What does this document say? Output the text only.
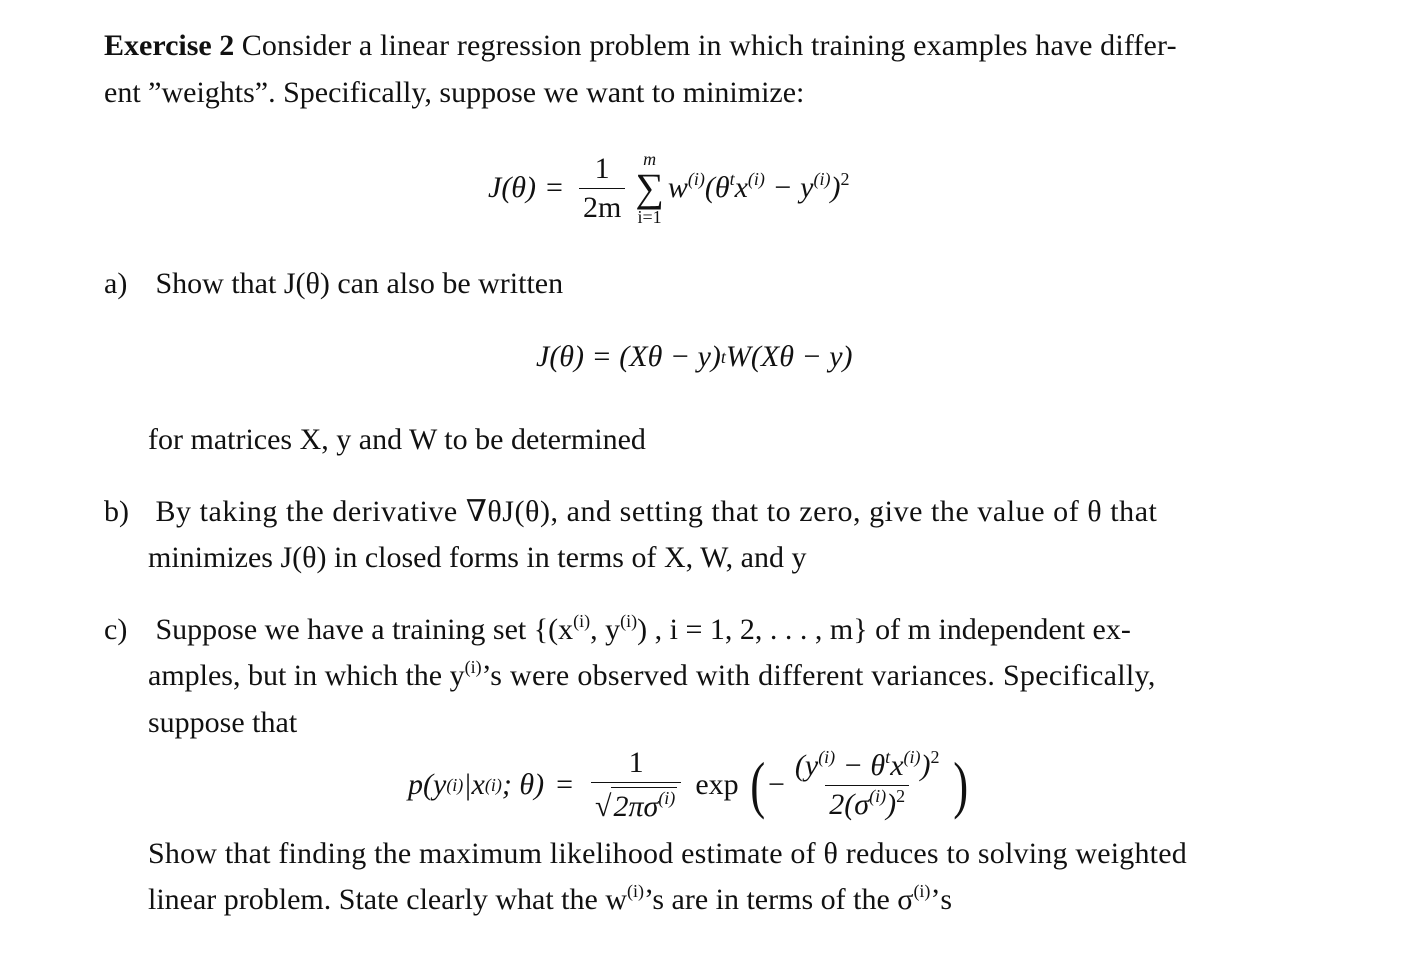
Exercise 2 Consider a linear regression problem in which training examples have differ-
ent ”weights”. Specifically, suppose we want to minimize:
$J(\theta) = \frac{1}{2m}$ m
∑
i=1
$w^{(i)}(\theta^tx^{(i)} - y^{(i)})^2$
a) Show that J(θ) can also be written
J(θ) = (Xθ − y) t W(Xθ − y)
for matrices X, y and W to be determined
b) By taking the derivative ∇θJ(θ), and setting that to zero, give the value of θ that
minimizes J(θ) in closed forms in terms of X, W, and y
c) Suppose we have a training set {($x^{(i)}$, $y^{(i)}$) , i = 1, 2, . . . , m} of m independent ex-
amples, but in which the $y^{(i)}’s$ were observed with different variances. Specifically,
suppose that
p(y (i) |x (i) ; $\theta) = \frac{1}{√ 2\pi\sigma^{(i)}}$ exp ( − $\frac{(y^{(i)} - \theta^tx^{(i)})^2}{2(\sigma^{(i)})^2}$ )
Show that finding the maximum likelihood estimate of θ reduces to solving weighted
linear problem. State clearly what the $w^{(i)}’s$ are in terms of the $\sigma^{(i)}’s$
